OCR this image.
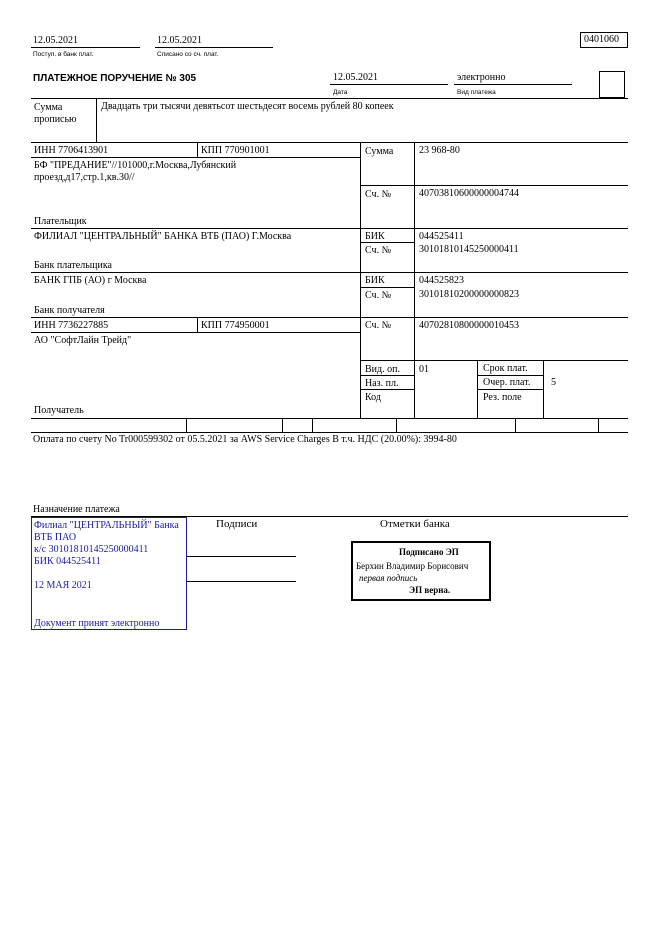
12.05.2021
Поступ. в банк плат.
12.05.2021
Списано со сч. плат.
0401060
ПЛАТЕЖНОЕ ПОРУЧЕНИЕ № 305	12.05.2021
Дата
электронно
Вид платежа
Сумма
прописью
Двадцать три тысячи девятьсот шестьдесят восемь рублей 80 копеек
ИНН 7706413901	КПП 770901001
БФ "ПРЕДАНИЕ"//101000,г.Москва,Лубянский
проезд,д17,стр.1,кв.30//
Плательщик
Сумма	23 968-80
Сч. №	40703810600000004744
ФИЛИАЛ "ЦЕНТРАЛЬНЫЙ" БАНКА ВТБ (ПАО) Г.Москва
Банк плательщика
БИК	044525411
Сч. №	30101810145250000411
БАНК ГПБ (АО) г Москва
Банк получателя
БИК	044525823
Сч. №	30101810200000000823
ИНН 7736227885	КПП 774950001
АО "СофтЛайн Трейд"
Получатель
Сч. №	40702810800000010453
Вид. оп. 01
Наз. пл.
Код
Срок плат.
Очер. плат. 5
Рез. поле
Оплата по счету No Tr000599302 от 05.5.2021 за AWS Service Charges В т.ч. НДС (20.00%): 3994-80
Назначение платежа
Филиал "ЦЕНТРАЛЬНЫЙ" Банка
ВТБ ПАО
к/с 30101810145250000411
БИК 044525411
12 МАЯ 2021
Документ принят электронно
Подписи	Отметки банка
Подписано ЭП
Берхин Владимир Борисович
первая подпись
ЭП верна.
